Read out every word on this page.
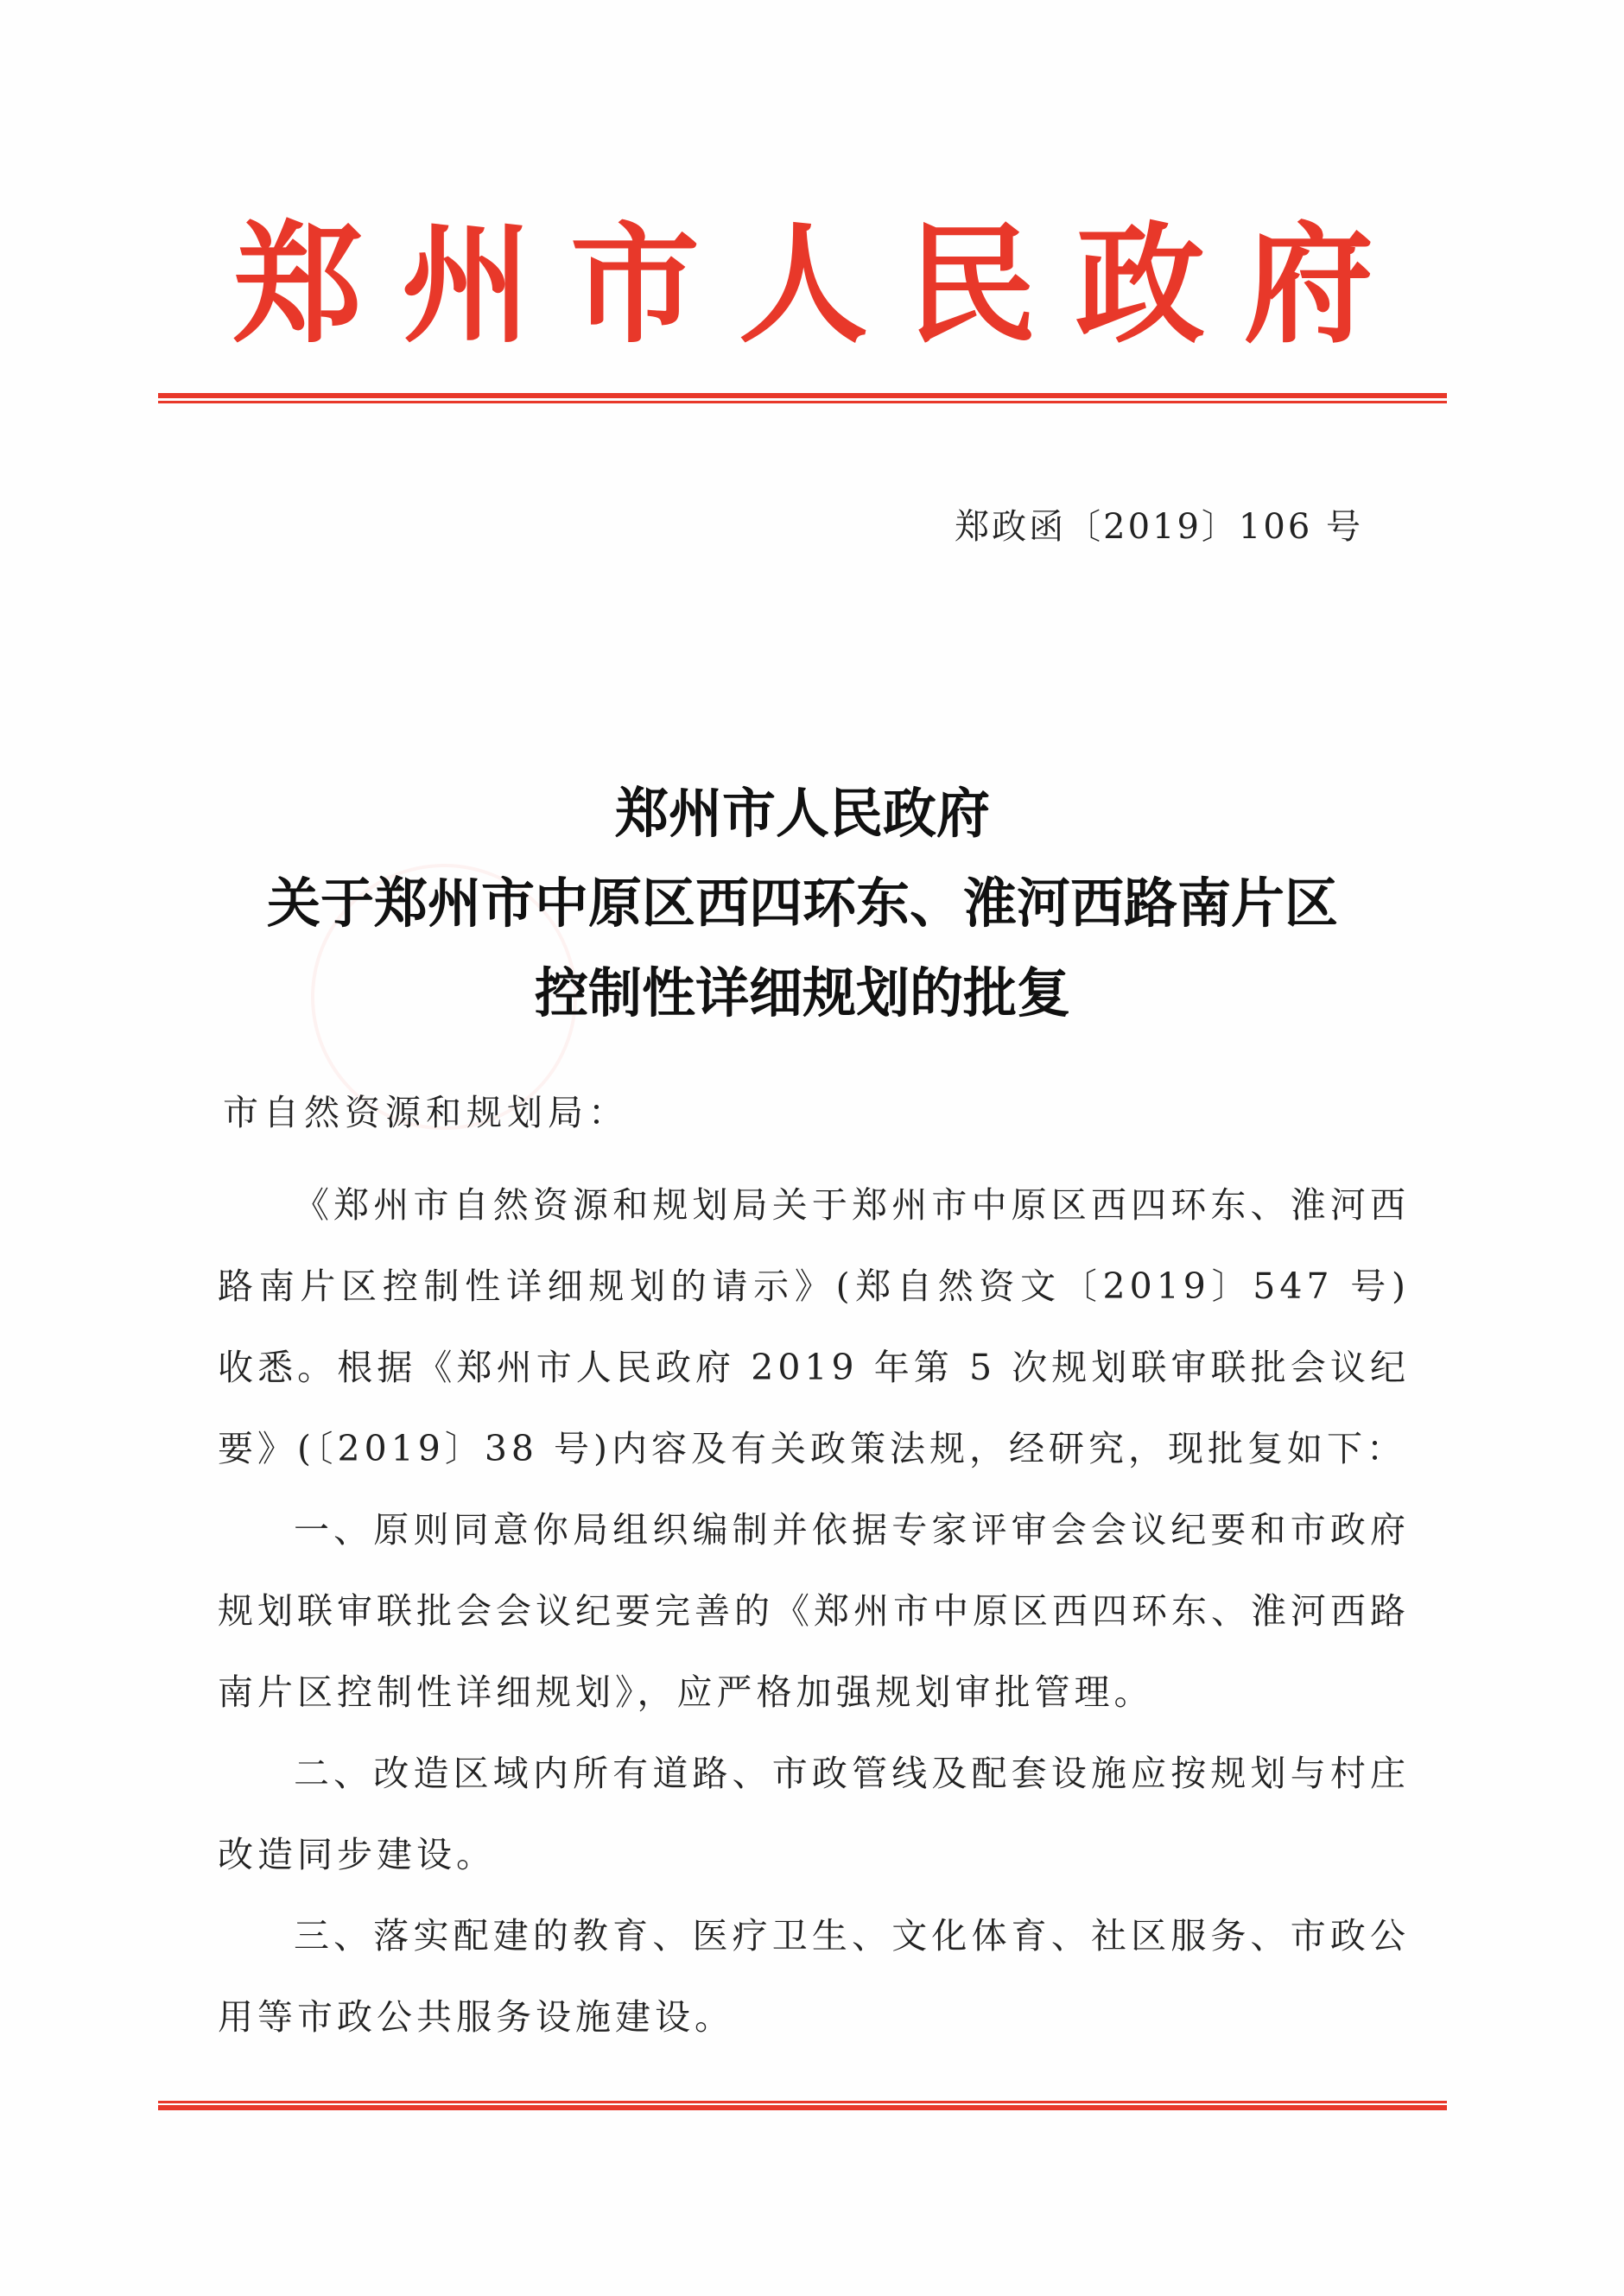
郑 州 市 人 民 政 府
郑政函〔2019〕106 号
郑州市人民政府
关于郑州市中原区西四环东、淮河西路南片区
控制性详细规划的批复
市自然资源和规划局：

《郑州市自然资源和规划局关于郑州市中原区西四环东、淮河西路南片区控制性详细规划的请示》(郑自然资文〔2019〕547 号)收悉。根据《郑州市人民政府 2019 年第 5 次规划联审联批会议纪要》(〔2019〕38 号)内容及有关政策法规，经研究，现批复如下：

一、原则同意你局组织编制并依据专家评审会会议纪要和市政府规划联审联批会会议纪要完善的《郑州市中原区西四环东、淮河西路南片区控制性详细规划》，应严格加强规划审批管理。

二、改造区域内所有道路、市政管线及配套设施应按规划与村庄改造同步建设。

三、落实配建的教育、医疗卫生、文化体育、社区服务、市政公用等市政公共服务设施建设。
